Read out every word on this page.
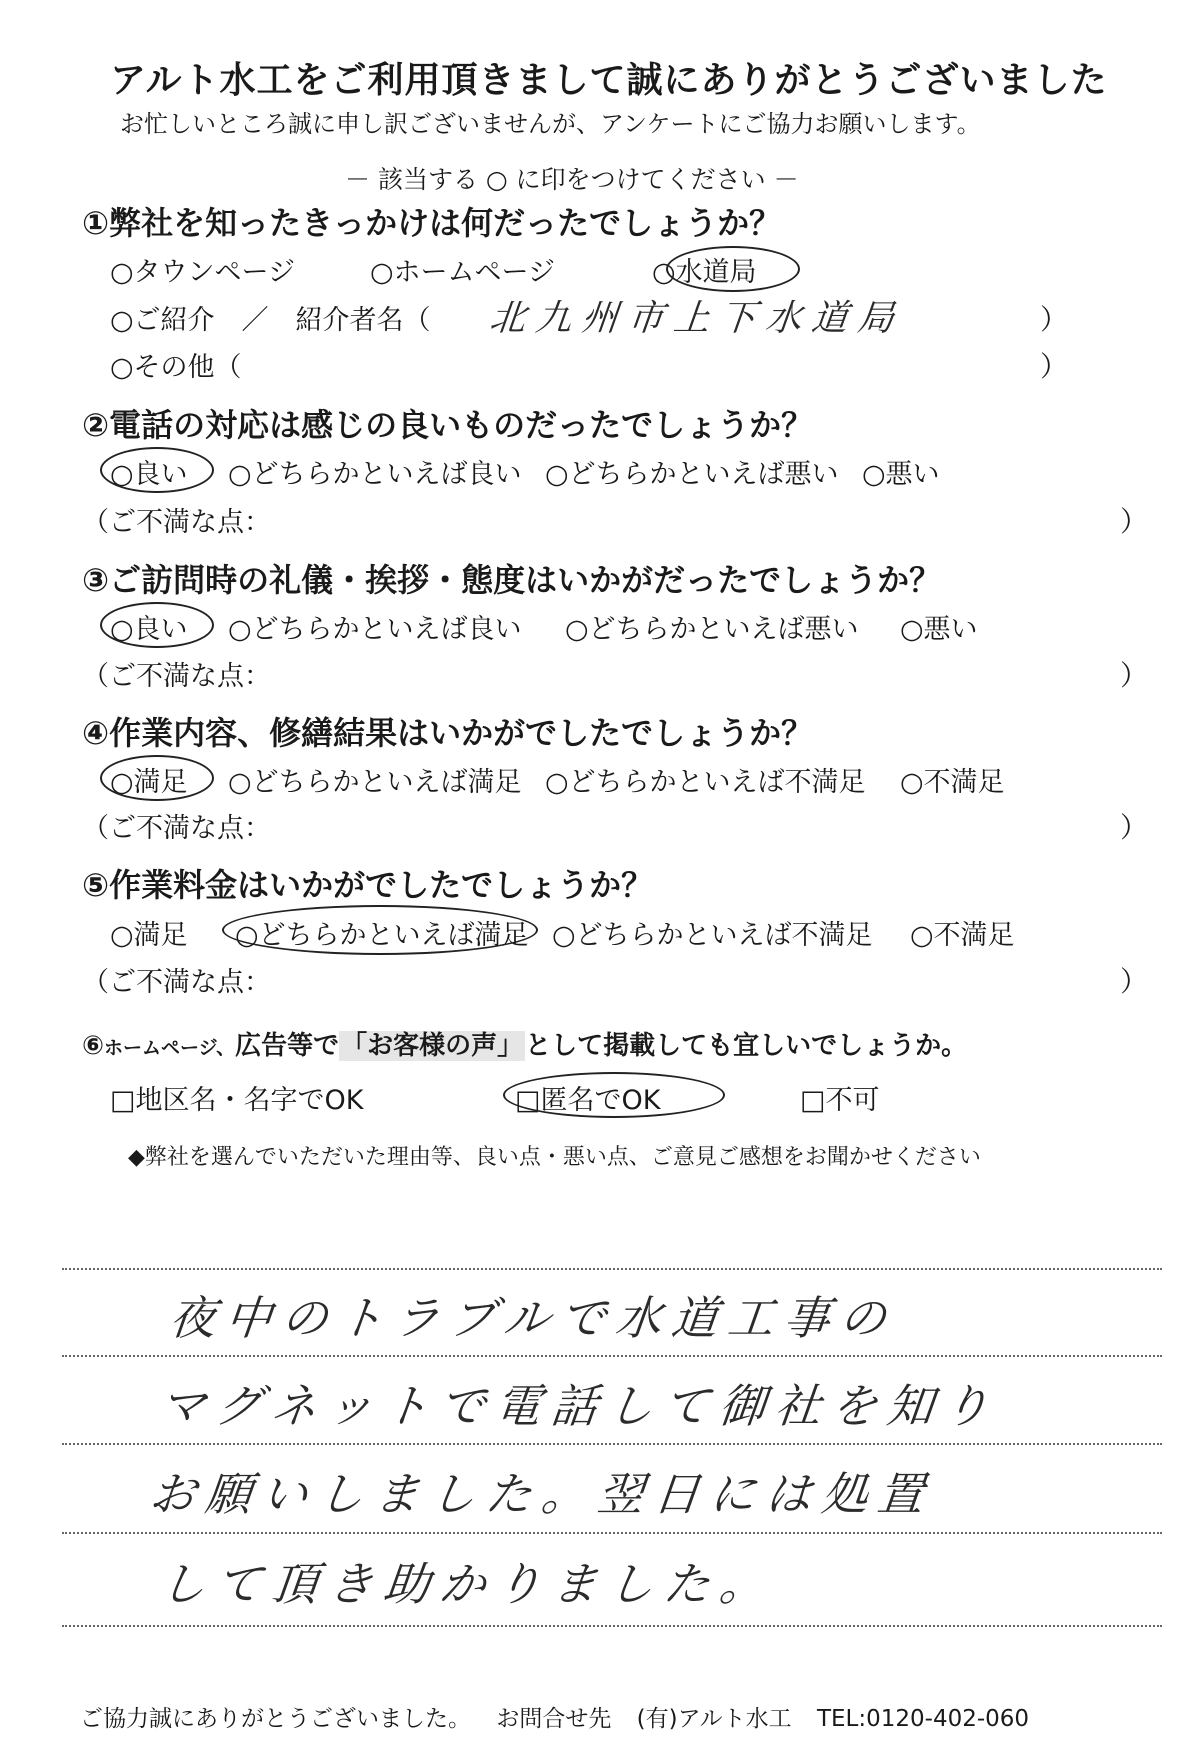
アルト水工をご利用頂きまして誠にありがとうございました
お忙しいところ誠に申し訳ございませんが、アンケートにご協力お願いします。
－ 該当する ○ に印をつけてください －
①弊社を知ったきっかけは何だったでしょうか？
○タウンページ	○ホームページ	○水道局
○ご紹介　／　紹介者名（ 北九州市上下水道局	）
○その他（	）
②電話の対応は感じの良いものだったでしょうか？
○良い ○どちらかといえば良い ○どちらかといえば悪い ○悪い
（ご不満な点：	）
③ご訪問時の礼儀・挨拶・態度はいかがだったでしょうか？
○良い ○どちらかといえば良い ○どちらかといえば悪い ○悪い
（ご不満な点：	）
④作業内容、修繕結果はいかがでしたでしょうか？
○満足 ○どちらかといえば満足 ○どちらかといえば不満足 ○不満足
（ご不満な点：	）
⑤作業料金はいかがでしたでしょうか？
○満足 ○どちらかといえば満足 ○どちらかといえば不満足 ○不満足
（ご不満な点：	）
⑥ホームページ、広告等で「お客様の声」として掲載しても宜しいでしょうか。
□地区名・名字でOK	□匿名でOK	□不可
◆弊社を選んでいただいた理由等、良い点・悪い点、ご意見ご感想をお聞かせください
夜中のトラブルで水道工事の
マグネットで電話して御社を知り
お願いしました。翌日には処置
して頂き助かりました。
ご協力誠にありがとうございました。 お問合せ先 (有)アルト水工 TEL:0120-402-060
